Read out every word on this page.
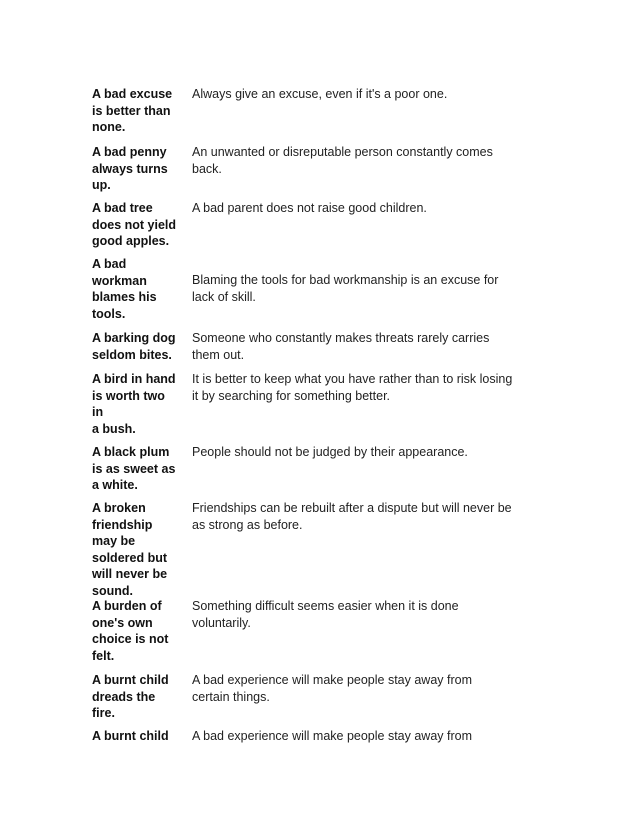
A bad excuse
is better than
none.
Always give an excuse, even if it's a poor one.
A bad penny
always turns
up.
An unwanted or disreputable person constantly comes
back.
A bad tree
does not yield
good apples.
A bad parent does not raise good children.
A bad
workman
blames his
tools.
Blaming the tools for bad workmanship is an excuse for
lack of skill.
A barking dog
seldom bites.
Someone who constantly makes threats rarely carries
them out.
A bird in hand
is worth two
in
a bush.
It is better to keep what you have rather than to risk losing
it by searching for something better.
A black plum
is as sweet as
a white.
People should not be judged by their appearance.
A broken
friendship
may be
soldered but
will never be
sound.
Friendships can be rebuilt after a dispute but will never be
as strong as before.
A burden of
one's own
choice is not
felt.
Something difficult seems easier when it is done
voluntarily.
A burnt child
dreads the
fire.
A bad experience will make people stay away from
certain things.
A burnt child	A bad experience will make people stay away from
